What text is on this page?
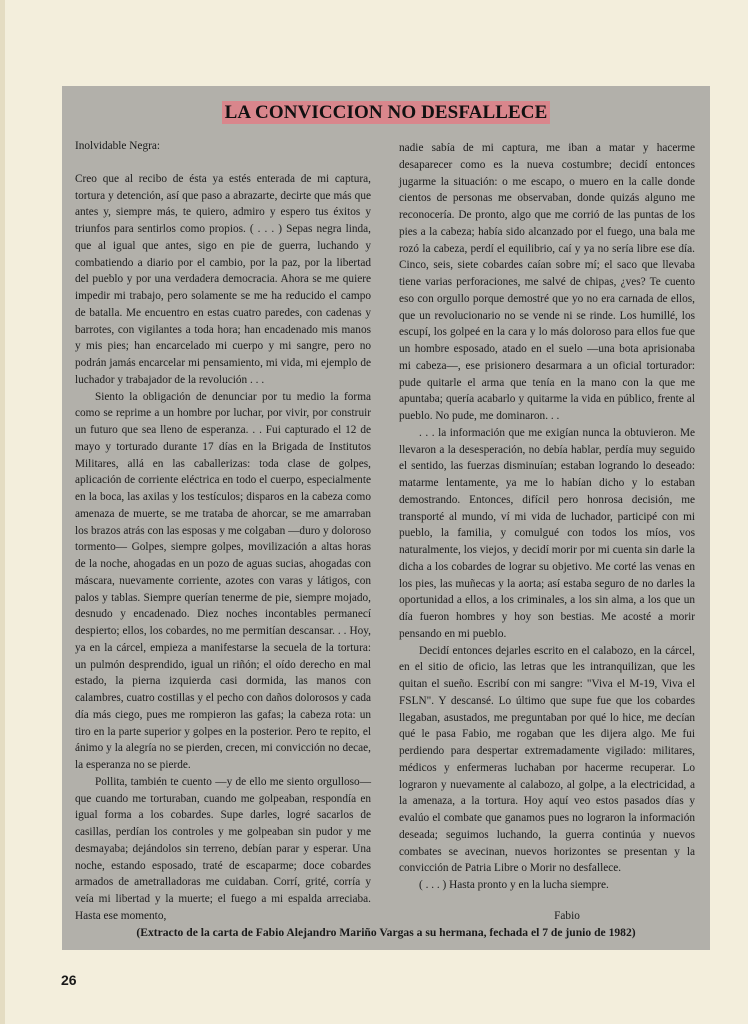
LA CONVICCION NO DESFALLECE

Inolvidable Negra:

Creo que al recibo de ésta ya estés enterada de mi captura, tortura y detención, así que paso a abrazarte, decirte que más que antes y, siempre más, te quiero, admiro y espero tus éxitos y triunfos para sentirlos como propios. ( . . . ) Sepas negra linda, que al igual que antes, sigo en pie de guerra, luchando y combatiendo a diario por el cambio, por la paz, por la libertad del pueblo y por una verdadera democracia. Ahora se me quiere impedir mi trabajo, pero solamente se me ha reducido el campo de batalla. Me encuentro en estas cuatro paredes, con cadenas y barrotes, con vigilantes a toda hora; han encadenado mis manos y mis pies; han encarcelado mi cuerpo y mi sangre, pero no podrán jamás encarcelar mi pensamiento, mi vida, mi ejemplo de luchador y trabajador de la revolución . . .

Siento la obligación de denunciar por tu medio la forma como se reprime a un hombre por luchar, por vivir, por construir un futuro que sea lleno de esperanza. . . Fui capturado el 12 de mayo y torturado durante 17 días en la Brigada de Institutos Militares, allá en las caballerizas: toda clase de golpes, aplicación de corriente eléctrica en todo el cuerpo, especialmente en la boca, las axilas y los testículos; disparos en la cabeza como amenaza de muerte, se me trataba de ahorcar, se me amarraban los brazos atrás con las esposas y me colgaban —duro y doloroso tormento— Golpes, siempre golpes, movilización a altas horas de la noche, ahogadas en un pozo de aguas sucias, ahogadas con máscara, nuevamente corriente, azotes con varas y látigos, con palos y tablas. Siempre querían tenerme de pie, siempre mojado, desnudo y encadenado. Diez noches incontables permanecí despierto; ellos, los cobardes, no me permitían descansar. . . Hoy, ya en la cárcel, empieza a manifestarse la secuela de la tortura: un pulmón desprendido, igual un riñón; el oído derecho en mal estado, la pierna izquierda casi dormida, las manos con calambres, cuatro costillas y el pecho con daños dolorosos y cada día más ciego, pues me rompieron las gafas; la cabeza rota: un tiro en la parte superior y golpes en la posterior. Pero te repito, el ánimo y la alegría no se pierden, crecen, mi convicción no decae, la esperanza no se pierde.

Pollita, también te cuento —y de ello me siento orgulloso— que cuando me torturaban, cuando me golpeaban, respondía en igual forma a los cobardes. Supe darles, logré sacarlos de casillas, perdían los controles y me golpeaban sin pudor y me desmayaba; dejándolos sin terreno, debían parar y esperar. Una noche, estando esposado, traté de escaparme; doce cobardes armados de ametralladoras me cuidaban. Corrí, grité, corría y veía mi libertad y la muerte; el fuego a mi espalda arreciaba. Hasta ese momento,

nadie sabía de mi captura, me iban a matar y hacerme desaparecer como es la nueva costumbre; decidí entonces jugarme la situación: o me escapo, o muero en la calle donde cientos de personas me observaban, donde quizás alguno me reconocería. De pronto, algo que me corrió de las puntas de los pies a la cabeza; había sido alcanzado por el fuego, una bala me rozó la cabeza, perdí el equilibrio, caí y ya no sería libre ese día. Cinco, seis, siete cobardes caían sobre mí; el saco que llevaba tiene varias perforaciones, me salvé de chipas, ¿ves? Te cuento eso con orgullo porque demostré que yo no era carnada de ellos, que un revolucionario no se vende ni se rinde. Los humillé, los escupí, los golpeé en la cara y lo más doloroso para ellos fue que un hombre esposado, atado en el suelo —una bota aprisionaba mi cabeza—, ese prisionero desarmara a un oficial torturador: pude quitarle el arma que tenía en la mano con la que me apuntaba; quería acabarlo y quitarme la vida en público, frente al pueblo. No pude, me dominaron. . .

. . . la información que me exigían nunca la obtuvieron. Me llevaron a la desesperación, no debía hablar, perdía muy seguido el sentido, las fuerzas disminuían; estaban logrando lo deseado: matarme lentamente, ya me lo habían dicho y lo estaban demostrando. Entonces, difícil pero honrosa decisión, me transporté al mundo, ví mi vida de luchador, participé con mi pueblo, la familia, y comulgué con todos los míos, vos naturalmente, los viejos, y decidí morir por mi cuenta sin darle la dicha a los cobardes de lograr su objetivo. Me corté las venas en los pies, las muñecas y la aorta; así estaba seguro de no darles la oportunidad a ellos, a los criminales, a los sin alma, a los que un día fueron hombres y hoy son bestias. Me acosté a morir pensando en mi pueblo.

Decidí entonces dejarles escrito en el calabozo, en la cárcel, en el sitio de oficio, las letras que les intranquilizan, que les quitan el sueño. Escribí con mi sangre: "Viva el M-19, Viva el FSLN". Y descansé. Lo último que supe fue que los cobardes llegaban, asustados, me preguntaban por qué lo hice, me decían qué le pasa Fabio, me rogaban que les dijera algo. Me fui perdiendo para despertar extremadamente vigilado: militares, médicos y enfermeras luchaban por hacerme recuperar. Lo lograron y nuevamente al calabozo, al golpe, a la electricidad, a la amenaza, a la tortura. Hoy aquí veo estos pasados días y evalúo el combate que ganamos pues no lograron la información deseada; seguimos luchando, la guerra continúa y nuevos combates se avecinan, nuevos horizontes se presentan y la convicción de Patria Libre o Morir no desfallece.

( . . . ) Hasta pronto y en la lucha siempre.

Fabio

(Extracto de la carta de Fabio Alejandro Mariño Vargas a su hermana, fechada el 7 de junio de 1982)
26
